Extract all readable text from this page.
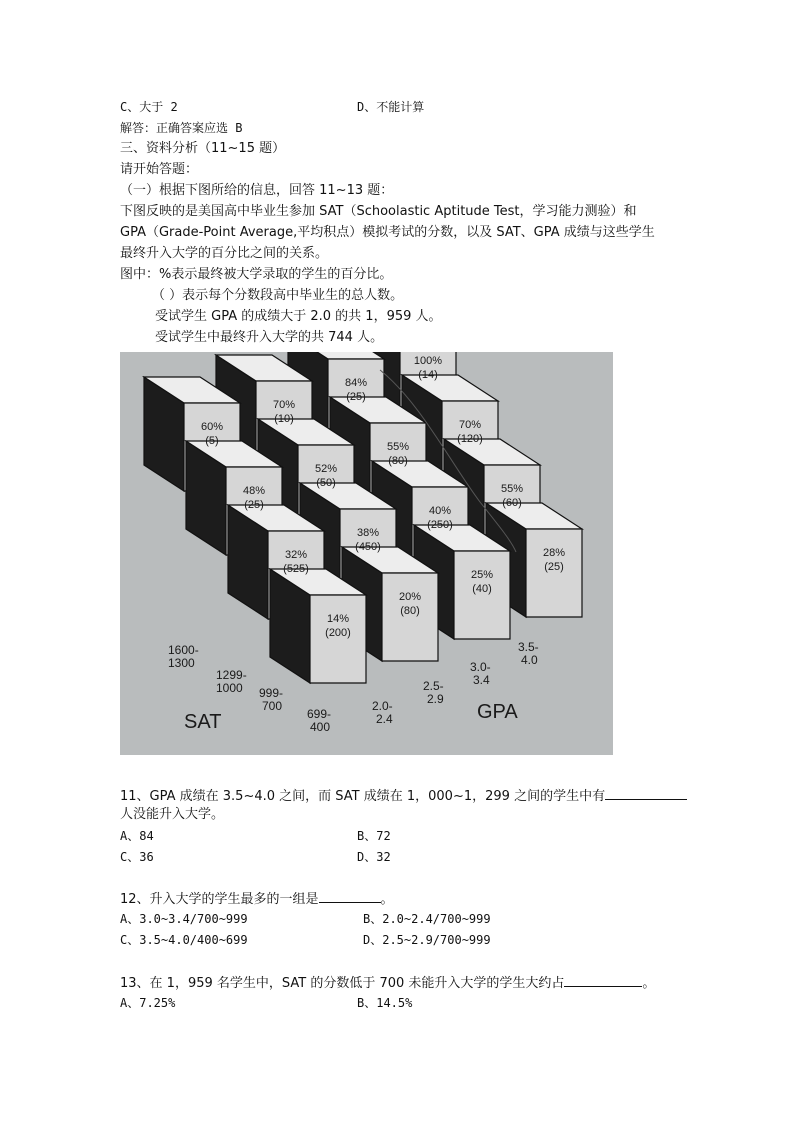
C、大于 2	D、不能计算
解答：正确答案应选 B
三、资料分析（11~15 题）
请开始答题：
（一）根据下图所给的信息，回答 11~13 题：
下图反映的是美国高中毕业生参加 SAT（Schoolastic Aptitude Test，学习能力测验）和
GPA（Grade-Point Average,平均积点）模拟考试的分数，以及 SAT、GPA 成绩与这些学生
最终升入大学的百分比之间的关系。
图中：%表示最终被大学录取的学生的百分比。
（ ）表示每个分数段高中毕业生的总人数。
受试学生 GPA 的成绩大于 2.0 的共 1，959 人。
受试学生中最终升入大学的共 744 人。
1600-
1300
1299-
1000 999-
700
699-
400
SAT
2.0-
2.4
2.5-
2.9
3.0-
3.4
3.5-
4.0
GPA
100%
(14)
84%
(25)
70%
(10)
60%
(5)
70%
(120)
55%
(80)
52%
(50)
48%
(25)
55%
(60)
40%
(250)
38%
(450)
32%
(525)
28%
(25)
25%
(40)
20%
(80)
14%
(200)
11、GPA 成绩在 3.5~4.0 之间，而 SAT 成绩在 1，000~1，299 之间的学生中有
人没能升入大学。
A、84	B、72
C、36	D、32
12、升入大学的学生最多的一组是	。
A、3.0~3.4/700~999	B、2.0~2.4/700~999
C、3.5~4.0/400~699	D、2.5~2.9/700~999
13、在 1，959 名学生中，SAT 的分数低于 700 未能升入大学的学生大约占	。
A、7.25%	B、14.5%
